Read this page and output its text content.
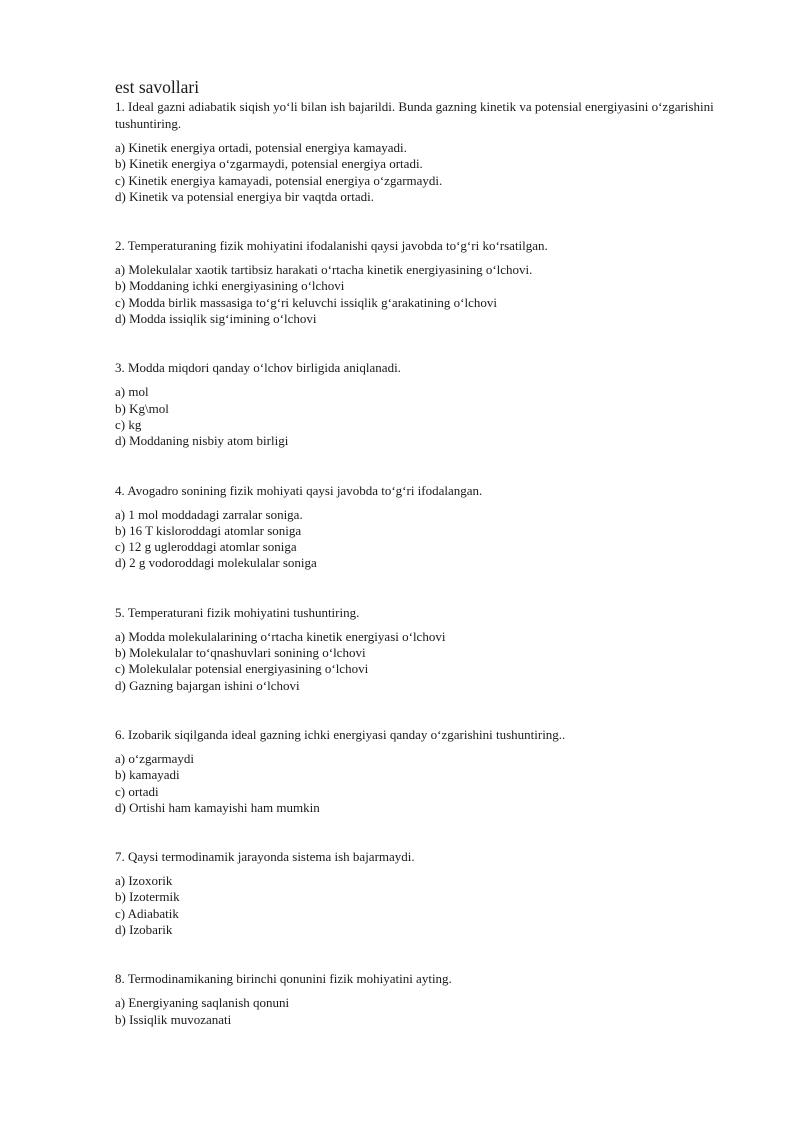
est savollari

1. Ideal gazni adiabatik siqish yo‘li bilan ish bajarildi. Bunda gazning kinetik va potensial energiyasini o‘zgarishini tushuntiring.

a) Kinetik energiya ortadi, potensial energiya kamayadi.
b) Kinetik energiya o‘zgarmaydi, potensial energiya ortadi.
c) Kinetik energiya kamayadi, potensial energiya o‘zgarmaydi.
d) Kinetik va potensial energiya bir vaqtda ortadi.

2. Temperaturaning fizik mohiyatini ifodalanishi qaysi javobda to‘g‘ri ko‘rsatilgan.

a) Molekulalar xaotik tartibsiz harakati o‘rtacha kinetik energiyasining o‘lchovi.
b) Moddaning ichki energiyasining o‘lchovi
c) Modda birlik massasiga to‘g‘ri keluvchi issiqlik g‘arakatining o‘lchovi
d) Modda issiqlik sig‘imining o‘lchovi

3. Modda miqdori qanday o‘lchov birligida aniqlanadi.

a) mol
b) Kg\mol
c) kg
d) Moddaning nisbiy atom birligi

4. Avogadro sonining fizik mohiyati qaysi javobda to‘g‘ri ifodalangan.

a) 1 mol moddadagi zarralar soniga.
b) 16 T kisloroddagi atomlar soniga
c) 12 g ugleroddagi atomlar soniga
d) 2 g vodoroddagi molekulalar soniga

5. Temperaturani fizik mohiyatini tushuntiring.

a) Modda molekulalarining o‘rtacha kinetik energiyasi o‘lchovi
b) Molekulalar to‘qnashuvlari sonining o‘lchovi
c) Molekulalar potensial energiyasining o‘lchovi
d) Gazning bajargan ishini o‘lchovi

6. Izobarik siqilganda ideal gazning ichki energiyasi qanday o‘zgarishini tushuntiring..

a) o‘zgarmaydi
b) kamayadi
c) ortadi
d) Ortishi ham kamayishi ham mumkin

7. Qaysi termodinamik jarayonda sistema ish bajarmaydi.

a) Izoxorik
b) Izotermik
c) Adiabatik
d) Izobarik

8. Termodinamikaning birinchi qonunini fizik mohiyatini ayting.

a) Energiyaning saqlanish qonuni
b) Issiqlik muvozanati
